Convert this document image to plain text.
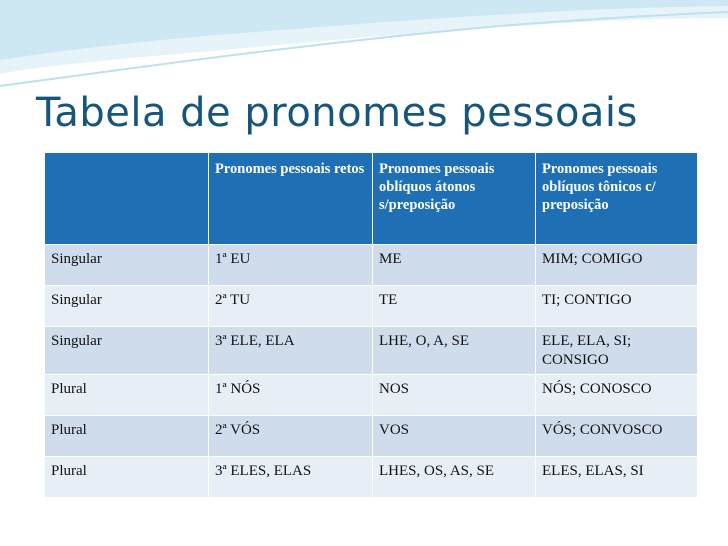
Tabela de pronomes pessoais
	Pronomes pessoais retos	Pronomes pessoais oblíquos átonos s/preposição	Pronomes pessoais oblíquos tônicos c/ preposição
Singular	1ª EU	ME	MIM; COMIGO
Singular	2ª TU	TE	TI; CONTIGO
Singular	3ª ELE, ELA	LHE, O, A, SE	ELE, ELA, SI; CONSIGO
Plural	1ª NÓS	NOS	NÓS; CONOSCO
Plural	2ª VÓS	VOS	VÓS; CONVOSCO
Plural	3ª ELES, ELAS	LHES, OS, AS, SE	ELES, ELAS, SI
